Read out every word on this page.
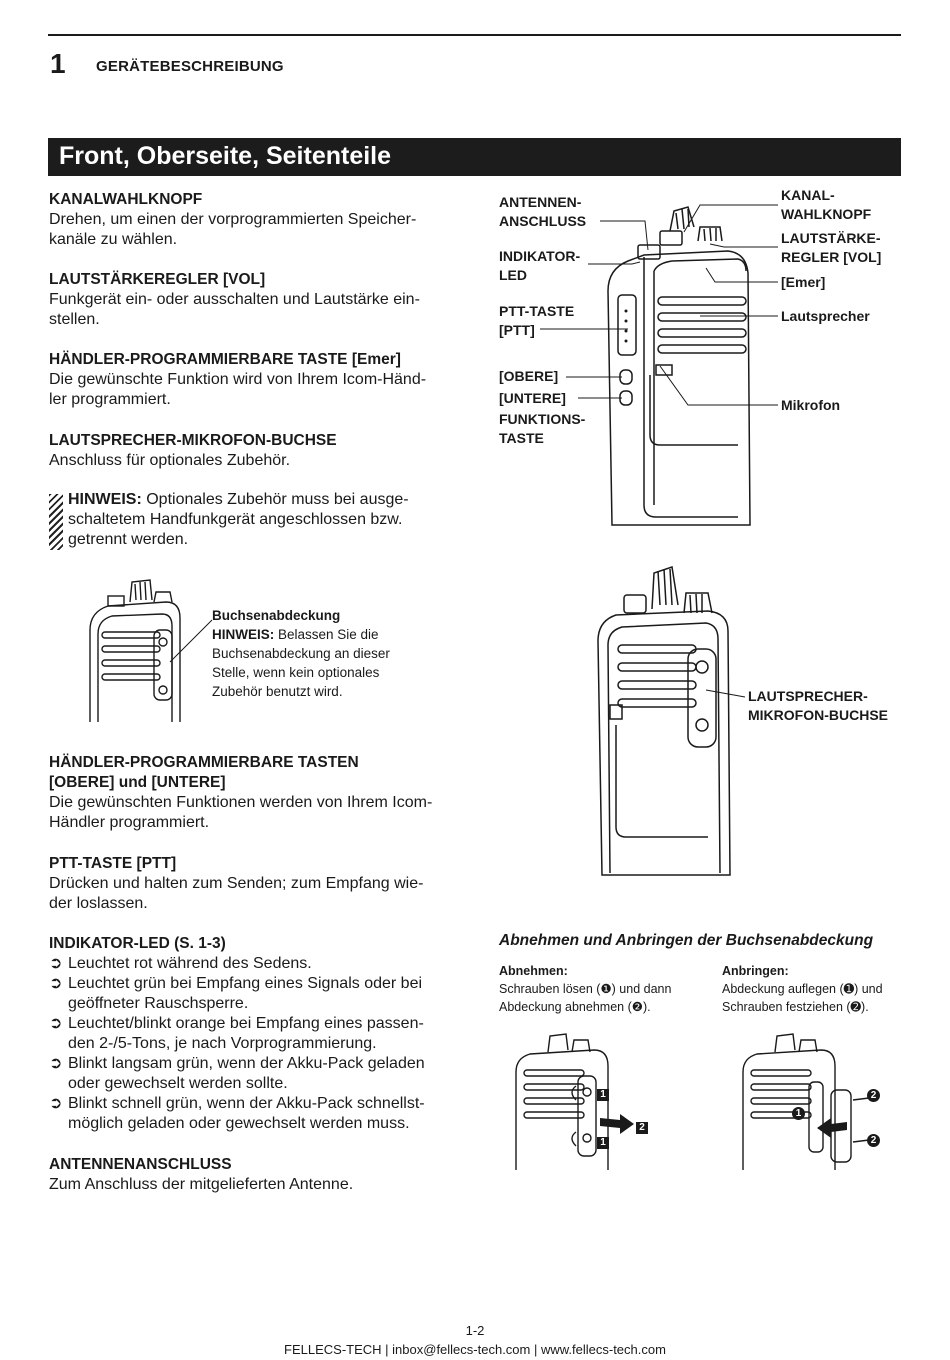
1 GERÄTEBESCHREIBUNG
Front, Oberseite, Seitenteile
KANALWAHLKNOPF
Drehen, um einen der vorprogrammierten Speicher-
kanäle zu wählen.
LAUTSTÄRKEREGLER [VOL]
Funkgerät ein- oder ausschalten und Lautstärke ein-
stellen.
HÄNDLER-PROGRAMMIERBARE TASTE [Emer]
Die gewünschte Funktion wird von Ihrem Icom-Händ-
ler programmiert.
LAUTSPRECHER-MIKROFON-BUCHSE
Anschluss für optionales Zubehör.
HINWEIS: Optionales Zubehör muss bei ausge-
schaltetem Handfunkgerät angeschlossen bzw.
getrennt werden.
Buchsenabdeckung
HINWEIS: Belassen Sie die
Buchsenabdeckung an dieser
Stelle, wenn kein optionales
Zubehör benutzt wird.
HÄNDLER-PROGRAMMIERBARE TASTEN
[OBERE] und [UNTERE]
Die gewünschten Funktionen werden von Ihrem Icom-
Händler programmiert.
PTT-TASTE [PTT]
Drücken und halten zum Senden; zum Empfang wie-
der loslassen.
INDIKATOR-LED (S. 1-3)
➲ Leuchtet rot während des Sedens.
➲ Leuchtet grün bei Empfang eines Signals oder bei
geöffneter Rauschsperre.
➲ Leuchtet/blinkt orange bei Empfang eines passen-
den 2-/5-Tons, je nach Vorprogrammierung.
➲ Blinkt langsam grün, wenn der Akku-Pack geladen
oder gewechselt werden sollte.
➲ Blinkt schnell grün, wenn der Akku-Pack schnellst-
möglich geladen oder gewechselt werden muss.
ANTENNENANSCHLUSS
Zum Anschluss der mitgelieferten Antenne.
ANTENNEN-
ANSCHLUSS
INDIKATOR-
LED
PTT-TASTE
[PTT]
[OBERE]
[UNTERE]
FUNKTIONS-
TASTE
KANAL-
WAHLKNOPF
LAUTSTÄRKE-
REGLER [VOL]
[Emer]
Lautsprecher
Mikrofon
LAUTSPRECHER-
MIKROFON-BUCHSE
Abnehmen und Anbringen der Buchsenabdeckung
Abnehmen:
Schrauben lösen (❶) und dann
Abdeckung abnehmen (❷).
Anbringen:
Abdeckung auflegen (➊) und
Schrauben festziehen (➋).
1
1
2
1
2
2
1-2
FELLECS-TECH | inbox@fellecs-tech.com | www.fellecs-tech.com
